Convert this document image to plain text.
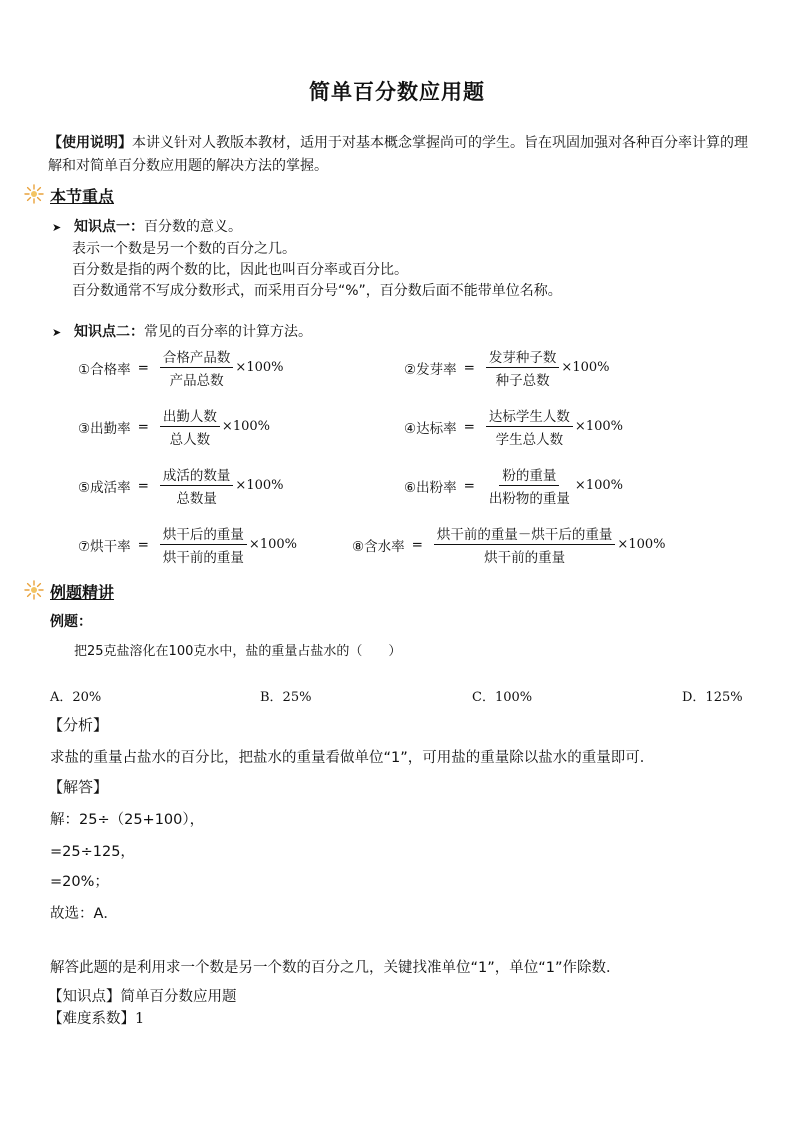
简单百分数应用题
【使用说明】本讲义针对人教版本教材，适用于对基本概念掌握尚可的学生。旨在巩固加强对各种百分率计算的理解和对简单百分数应用题的解决方法的掌握。
本节重点
➤ 知识点一：百分数的意义。
表示一个数是另一个数的百分之几。
百分数是指的两个数的比，因此也叫百分率或百分比。
百分数通常不写成分数形式，而采用百分号“%”，百分数后面不能带单位名称。
➤ 知识点二：常见的百分率的计算方法。
①合格率 = $\frac{\text{合格产品数}}{\text{产品总数}} \times 100\%$	②发芽率 = $\frac{\text{发芽种子数}}{\text{种子总数}} \times 100\%$
③出勤率 = $\frac{\text{出勤人数}}{\text{总人数}} \times 100\%$	④达标率 = $\frac{\text{达标学生人数}}{\text{学生总人数}} \times 100\%$
⑤成活率 = $\frac{\text{成活的数量}}{\text{总数量}} \times 100\%$	⑥出粉率 = $\frac{\text{粉的重量}}{\text{出粉物的重量}} \times 100\%$
⑦烘干率 = $\frac{\text{烘干后的重量}}{\text{烘干前的重量}} \times 100\%$	⑧含水率 = $\frac{\text{烘干前的重量－烘干后的重量}}{\text{烘干前的重量}} \times 100\%$
例题精讲
例题：
把25克盐溶化在100克水中，盐的重量占盐水的（　　）
A．20%	B．25%	C．100%	D．125%
【分析】
求盐的重量占盐水的百分比，把盐水的重量看做单位“1”，可用盐的重量除以盐水的重量即可．
【解答】
解：25÷（25+100），
=25÷125，
=20%；
故选：A．
解答此题的是利用求一个数是另一个数的百分之几，关键找准单位“1”，单位“1”作除数．
【知识点】简单百分数应用题
【难度系数】1
